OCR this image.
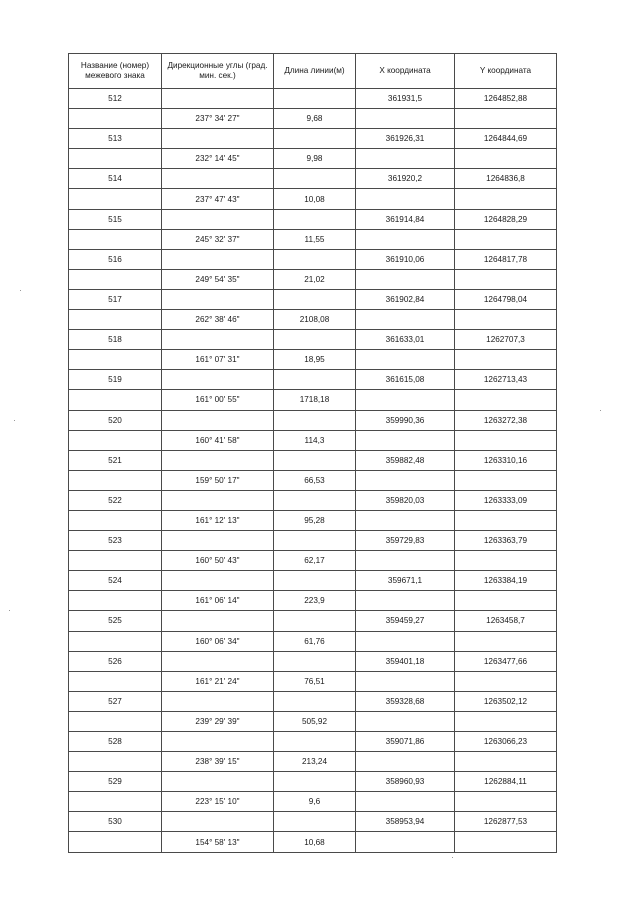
Название (номер) межевого знака	Дирекционные углы (град. мин. сек.)	Длина линии(м)	Х координата	Y координата
512			361931,5	1264852,88
	237° 34' 27"	9,68		
513			361926,31	1264844,69
	232° 14' 45"	9,98		
514			361920,2	1264836,8
	237° 47' 43"	10,08		
515			361914,84	1264828,29
	245° 32' 37"	11,55		
516			361910,06	1264817,78
	249° 54' 35"	21,02		
517			361902,84	1264798,04
	262° 38' 46"	2108,08		
518			361633,01	1262707,3
	161° 07' 31"	18,95		
519			361615,08	1262713,43
	161° 00' 55"	1718,18		
520			359990,36	1263272,38
	160° 41' 58"	114,3		
521			359882,48	1263310,16
	159° 50' 17"	66,53		
522			359820,03	1263333,09
	161° 12' 13"	95,28		
523			359729,83	1263363,79
	160° 50' 43"	62,17		
524			359671,1	1263384,19
	161° 06' 14"	223,9		
525			359459,27	1263458,7
	160° 06' 34"	61,76		
526			359401,18	1263477,66
	161° 21' 24"	76,51		
527			359328,68	1263502,12
	239° 29' 39"	505,92		
528			359071,86	1263066,23
	238° 39' 15"	213,24		
529			358960,93	1262884,11
	223° 15' 10"	9,6		
530			358953,94	1262877,53
	154° 58' 13"	10,68		
